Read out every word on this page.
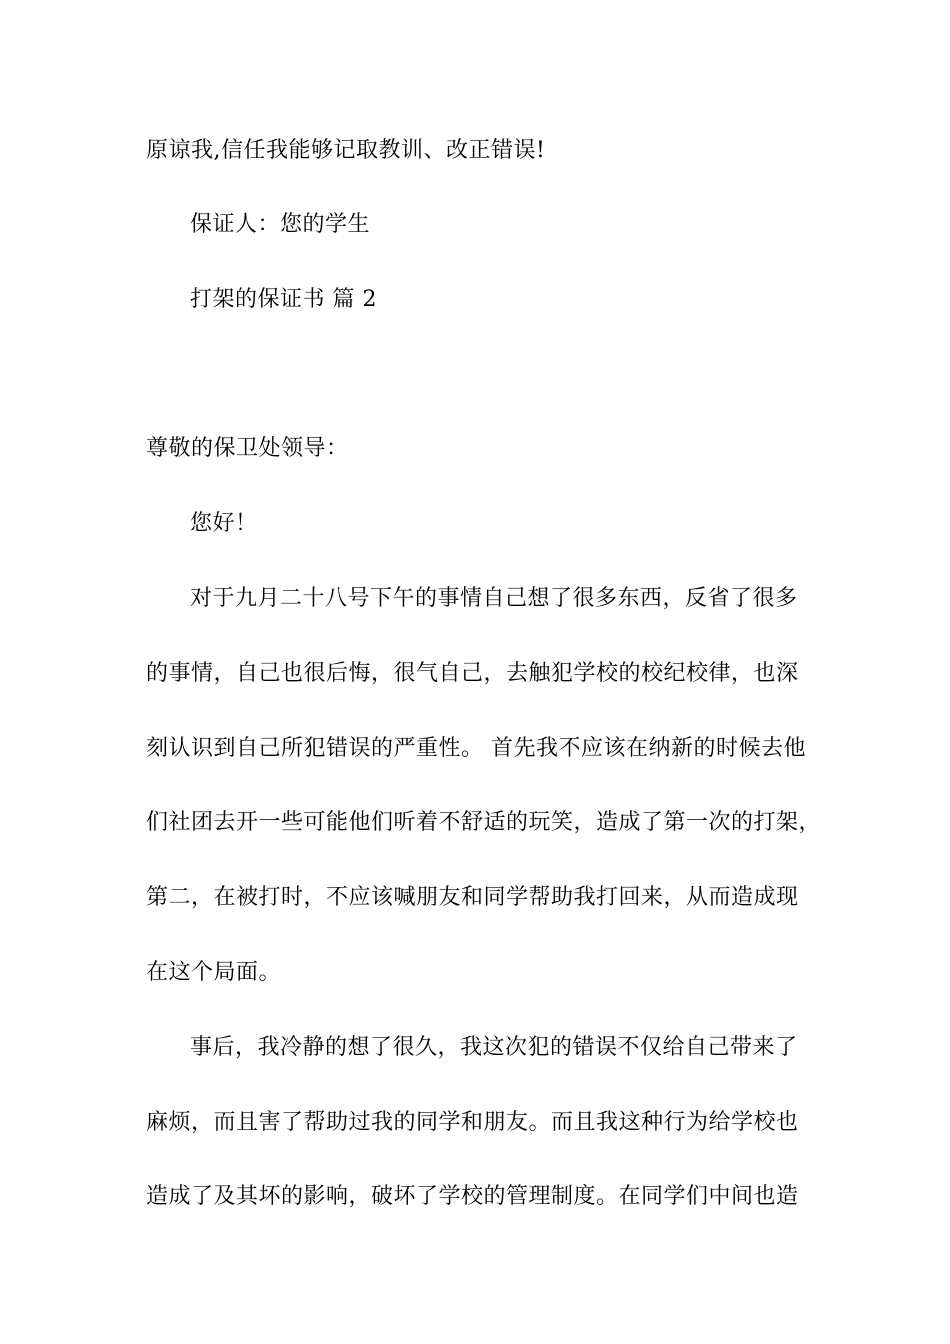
原谅我,信任我能够记取教训、改正错误!
保证人：您的学生
打架的保证书 篇 2
尊敬的保卫处领导：
您好！
对于九月二十八号下午的事情自己想了很多东西，反省了很多
的事情，自己也很后悔，很气自己，去触犯学校的校纪校律，也深
刻认识到自己所犯错误的严重性。 首先我不应该在纳新的时候去他
们社团去开一些可能他们听着不舒适的玩笑，造成了第一次的打架，
第二，在被打时，不应该喊朋友和同学帮助我打回来，从而造成现
在这个局面。
事后，我冷静的想了很久，我这次犯的错误不仅给自己带来了
麻烦，而且害了帮助过我的同学和朋友。而且我这种行为给学校也
造成了及其坏的影响，破坏了学校的管理制度。在同学们中间也造
